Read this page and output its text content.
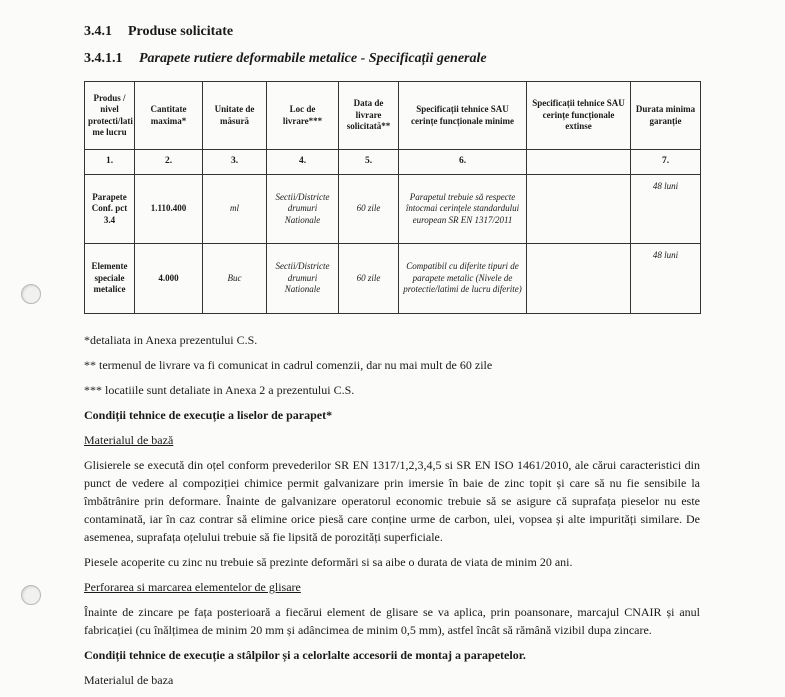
3.4.1 Produse solicitate
3.4.1.1 Parapete rutiere deformabile metalice - Specificații generale
Produs / nivel protecti/lati me lucru	Cantitate maxima*	Unitate de măsură	Loc de livrare***	Data de livrare solicitată**	Specificații tehnice SAU cerințe funcționale minime	Specificații tehnice SAU cerințe funcționale extinse	Durata minima garanție
1.	2.	3.	4.	5.	6.		7.
Parapete Conf. pct 3.4	1.110.400	ml	Sectii/Districte drumuri Nationale	60 zile	Parapetul trebuie să respecte întocmai cerințele standardului european SR EN 1317/2011		48 luni
Elemente speciale metalice	4.000	Buc	Sectii/Districte drumuri Nationale	60 zile	Compatibil cu diferite tipuri de parapete metalic (Nivele de protectie/latimi de lucru diferite)		48 luni

*detaliata in Anexa prezentului C.S.

** termenul de livrare va fi comunicat in cadrul comenzii, dar nu mai mult de 60 zile

*** locatiile sunt detaliate in Anexa 2 a prezentului C.S.

Condiții tehnice de execuție a liselor de parapet*

Materialul de bază

Glisierele se execută din oțel conform prevederilor SR EN 1317/1,2,3,4,5 si SR EN ISO 1461/2010, ale cărui caracteristici din punct de vedere al compoziției chimice permit galvanizare prin imersie în baie de zinc topit și care să nu fie sensibile la îmbătrânire prin deformare. Înainte de galvanizare operatorul economic trebuie să se asigure că suprafața pieselor nu este contaminată, iar în caz contrar să elimine orice piesă care conține urme de carbon, ulei, vopsea și alte impurități similare. De asemenea, suprafața oțelului trebuie să fie lipsită de porozități superficiale.

Piesele acoperite cu zinc nu trebuie să prezinte deformări si sa aibe o durata de viata de minim 20 ani.

Perforarea si marcarea elementelor de glisare

Înainte de zincare pe fața posterioară a fiecărui element de glisare se va aplica, prin poansonare, marcajul CNAIR și anul fabricației (cu înălțimea de minim 20 mm și adâncimea de minim 0,5 mm), astfel încât să rămână vizibil dupa zincare.

Condiții tehnice de execuție a stâlpilor și a celorlalte accesorii de montaj a parapetelor.

Materialul de baza
